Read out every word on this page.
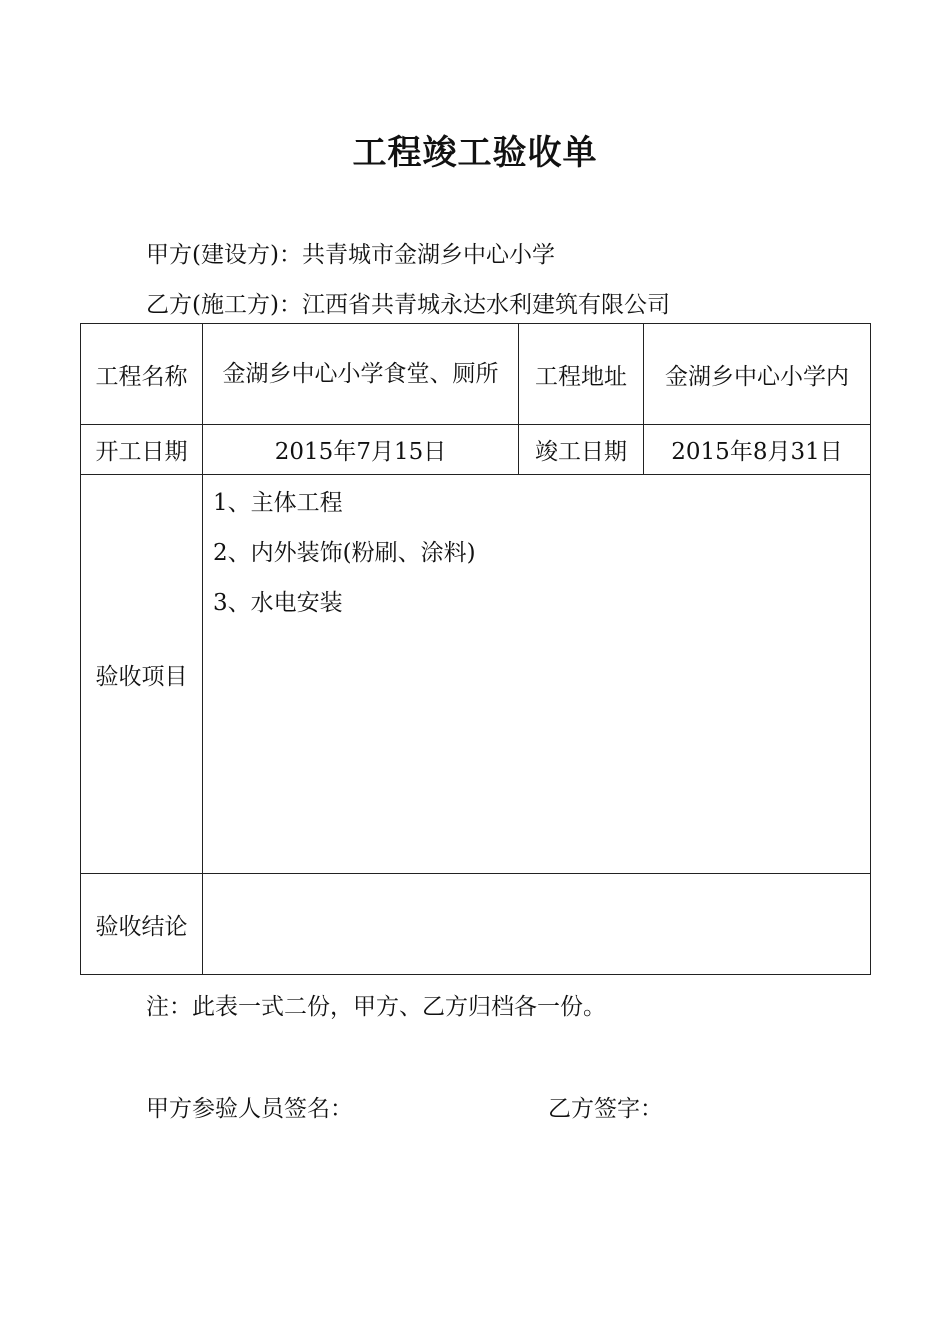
工程竣工验收单
甲方(建设方)：共青城市金湖乡中心小学
乙方(施工方)：江西省共青城永达水利建筑有限公司
工程名称	金湖乡中心小学食堂、厕所	工程地址	金湖乡中心小学内
开工日期	2015年7月15日	竣工日期	2015年8月31日
验收项目	1、主体工程
2、内外装饰(粉刷、涂料)
3、水电安装		

验收结论			
注：此表一式二份，甲方、乙方归档各一份。
甲方参验人员签名：	乙方签字：
